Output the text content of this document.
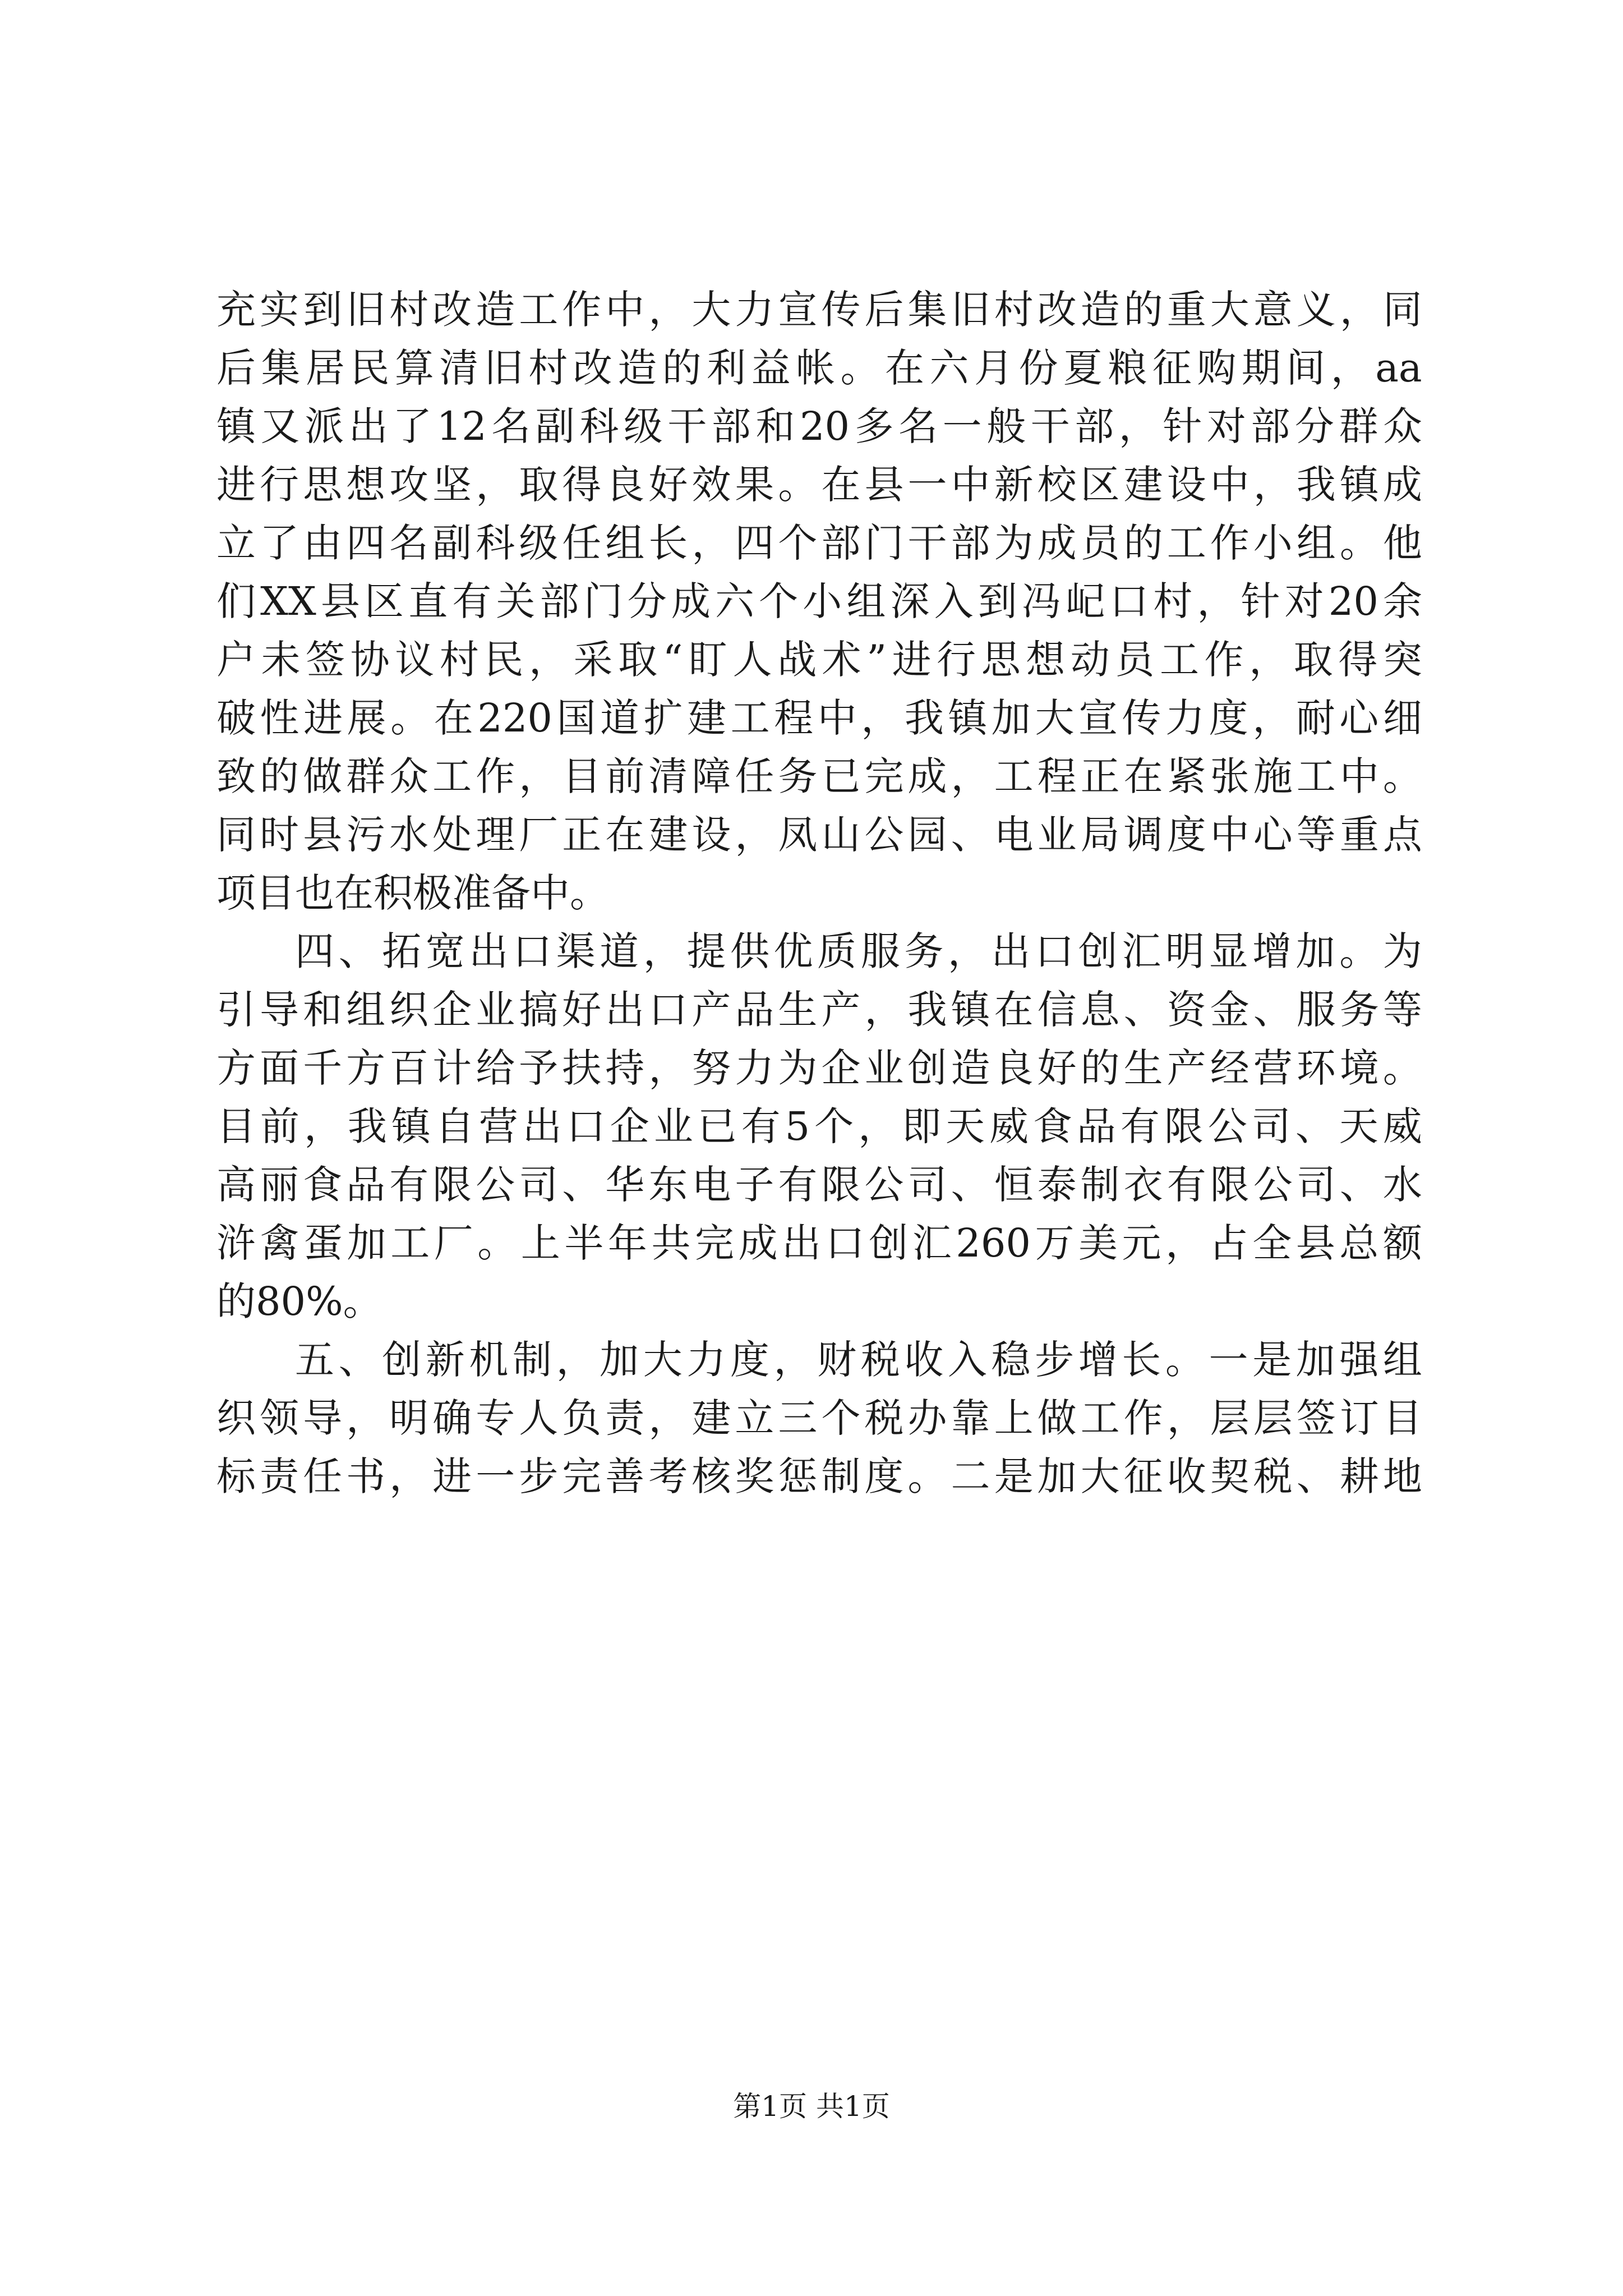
充 实 到 旧 村 改 造 工 作 中 ， 大 力 宣 传 后 集 旧 村 改 造 的 重 大 意 义 ， 同
后 集 居 民 算 清 旧 村 改 造 的 利 益 帐 。 在 六 月 份 夏 粮 征 购 期 间 ， aa
镇 又 派 出 了 12 名 副 科 级 干 部 和 20 多 名 一 般 干 部 ， 针 对 部 分 群 众
进 行 思 想 攻 坚 ， 取 得 良 好 效 果 。 在 县 一 中 新 校 区 建 设 中 ， 我 镇 成
立 了 由 四 名 副 科 级 任 组 长 ， 四 个 部 门 干 部 为 成 员 的 工 作 小 组 。 他
们 XX 县 区 直 有 关 部 门 分 成 六 个 小 组 深 入 到 冯 屺 口 村 ， 针 对 20 余
户 未 签 协 议 村 民 ， 采 取 “ 盯 人 战 术 ” 进 行 思 想 动 员 工 作 ， 取 得 突
破 性 进 展 。 在 220 国 道 扩 建 工 程 中 ， 我 镇 加 大 宣 传 力 度 ， 耐 心 细
致 的 做 群 众 工 作 ， 目 前 清 障 任 务 已 完 成 ， 工 程 正 在 紧 张 施 工 中 。
同 时 县 污 水 处 理 厂 正 在 建 设 ， 凤 山 公 园 、 电 业 局 调 度 中 心 等 重 点
项目也在积极准备中。
四 、 拓 宽 出 口 渠 道 ， 提 供 优 质 服 务 ， 出 口 创 汇 明 显 增 加 。 为
引 导 和 组 织 企 业 搞 好 出 口 产 品 生 产 ， 我 镇 在 信 息 、 资 金 、 服 务 等
方 面 千 方 百 计 给 予 扶 持 ， 努 力 为 企 业 创 造 良 好 的 生 产 经 营 环 境 。
目 前 ， 我 镇 自 营 出 口 企 业 已 有 5 个 ， 即 天 威 食 品 有 限 公 司 、 天 威
高 丽 食 品 有 限 公 司 、 华 东 电 子 有 限 公 司 、 恒 泰 制 衣 有 限 公 司 、 水
浒 禽 蛋 加 工 厂 。 上 半 年 共 完 成 出 口 创 汇 260 万 美 元 ， 占 全 县 总 额
的80%。
五 、 创 新 机 制 ， 加 大 力 度 ， 财 税 收 入 稳 步 增 长 。 一 是 加 强 组
织 领 导 ， 明 确 专 人 负 责 ， 建 立 三 个 税 办 靠 上 做 工 作 ， 层 层 签 订 目
标 责 任 书 ， 进 一 步 完 善 考 核 奖 惩 制 度 。 二 是 加 大 征 收 契 税 、 耕 地
第1页 共1页
